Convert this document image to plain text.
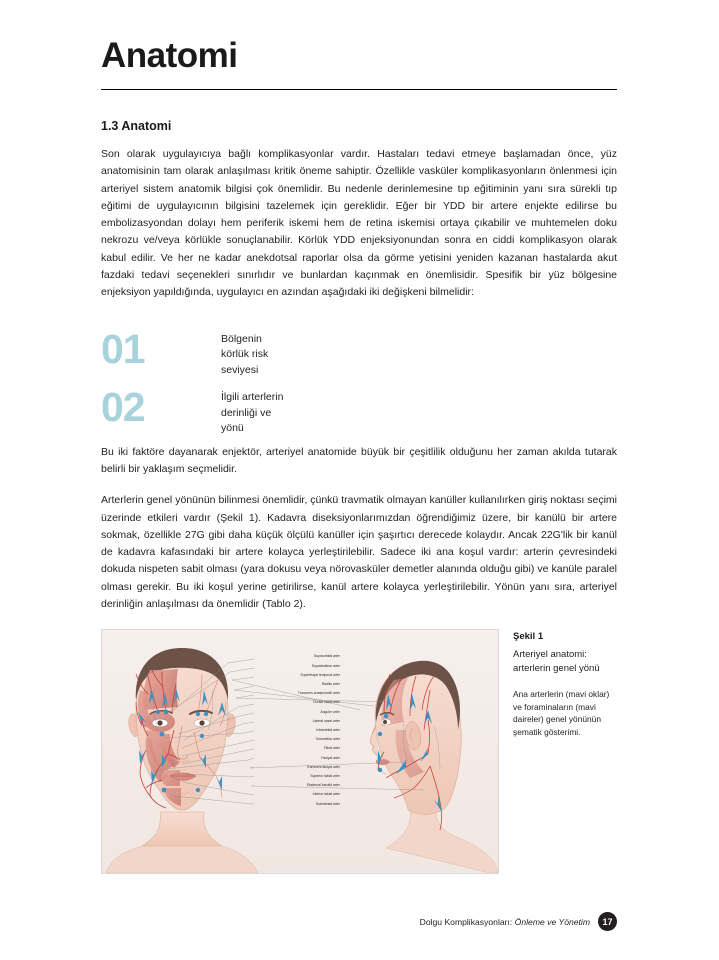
Anatomi
1.3 Anatomi

Son olarak uygulayıcıya bağlı komplikasyonlar vardır. Hastaları tedavi etmeye başlamadan önce, yüz anatomisinin tam olarak anlaşılması kritik öneme sahiptir. Özellikle vasküler komplikasyonların önlenmesi için arteriyel sistem anatomik bilgisi çok önemlidir. Bu nedenle derinlemesine tıp eğitiminin yanı sıra sürekli tıp eğitimi de uygulayıcının bilgisini tazelemek için gereklidir. Eğer bir YDD bir artere enjekte edilirse bu embolizasyondan dolayı hem periferik iskemi hem de retina iskemisi ortaya çıkabilir ve muhtemelen doku nekrozu ve/veya körlükle sonuçlanabilir. Körlük YDD enjeksiyonundan sonra en ciddi komplikasyon olarak kabul edilir. Ve her ne kadar anekdotsal raporlar olsa da görme yetisini yeniden kazanan hastalarda akut fazdaki tedavi seçenekleri sınırlıdır ve bunlardan kaçınmak en önemlisidir. Spesifik bir yüz bölgesine enjeksiyon yapıldığında, uygulayıcı en azından aşağıdaki iki değişkeni bilmelidir:

01	Bölgenin
körlük risk
seviyesi
02	İlgili arterlerin
derinliği ve
yönü

Bu iki faktöre dayanarak enjektör, arteriyel anatomide büyük bir çeşitlilik olduğunu her zaman akılda tutarak belirli bir yaklaşım seçmelidir.

Arterlerin genel yönünün bilinmesi önemlidir, çünkü travmatik olmayan kanüller kullanılırken giriş noktası seçimi üzerinde etkileri vardır (Şekil 1). Kadavra diseksiyonlarımızdan öğrendiğimiz üzere, bir kanülü bir artere sokmak, özellikle 27G gibi daha küçük ölçülü kanüller için şaşırtıcı derecede kolaydır. Ancak 22G'lik bir kanül de kadavra kafasındaki bir artere kolayca yerleştirilebilir. Sadece iki ana koşul vardır: arterin çevresindeki dokuda nispeten sabit olması (yara dokusu veya nörovasküler demetler alanında olduğu gibi) ve kanüle paralel olması gerekir. Bu iki koşul yerine getirilirse, kanül artere kolayca yerleştirilebilir. Yönün yanı sıra, arteriyel derinliğin anlaşılması da önemlidir (Tablo 2).

Supraorbital arter
Supratroklear arter
Superfisiyal temporal arter
Radiks arter
Transvers anastomotik arter
Dorsal nazal arter
Anguler arter
Lateral nazal arter
İnfraorbital arter
Kolumellar arter
Filtral arter
Fasiyal arter
Transvers fasiyal arter
Superior labial arter
Eksternal karotid arter
İnferior labial arter
Submental arter
Şekil 1
Arteriyel anatomi: arterlerin genel yönü
Ana arterlerin (mavi oklar) ve foraminaların (mavi daireler) genel yönünün şematik gösterimi.
Dolgu Komplikasyonları: Önleme ve Yönetim	17
